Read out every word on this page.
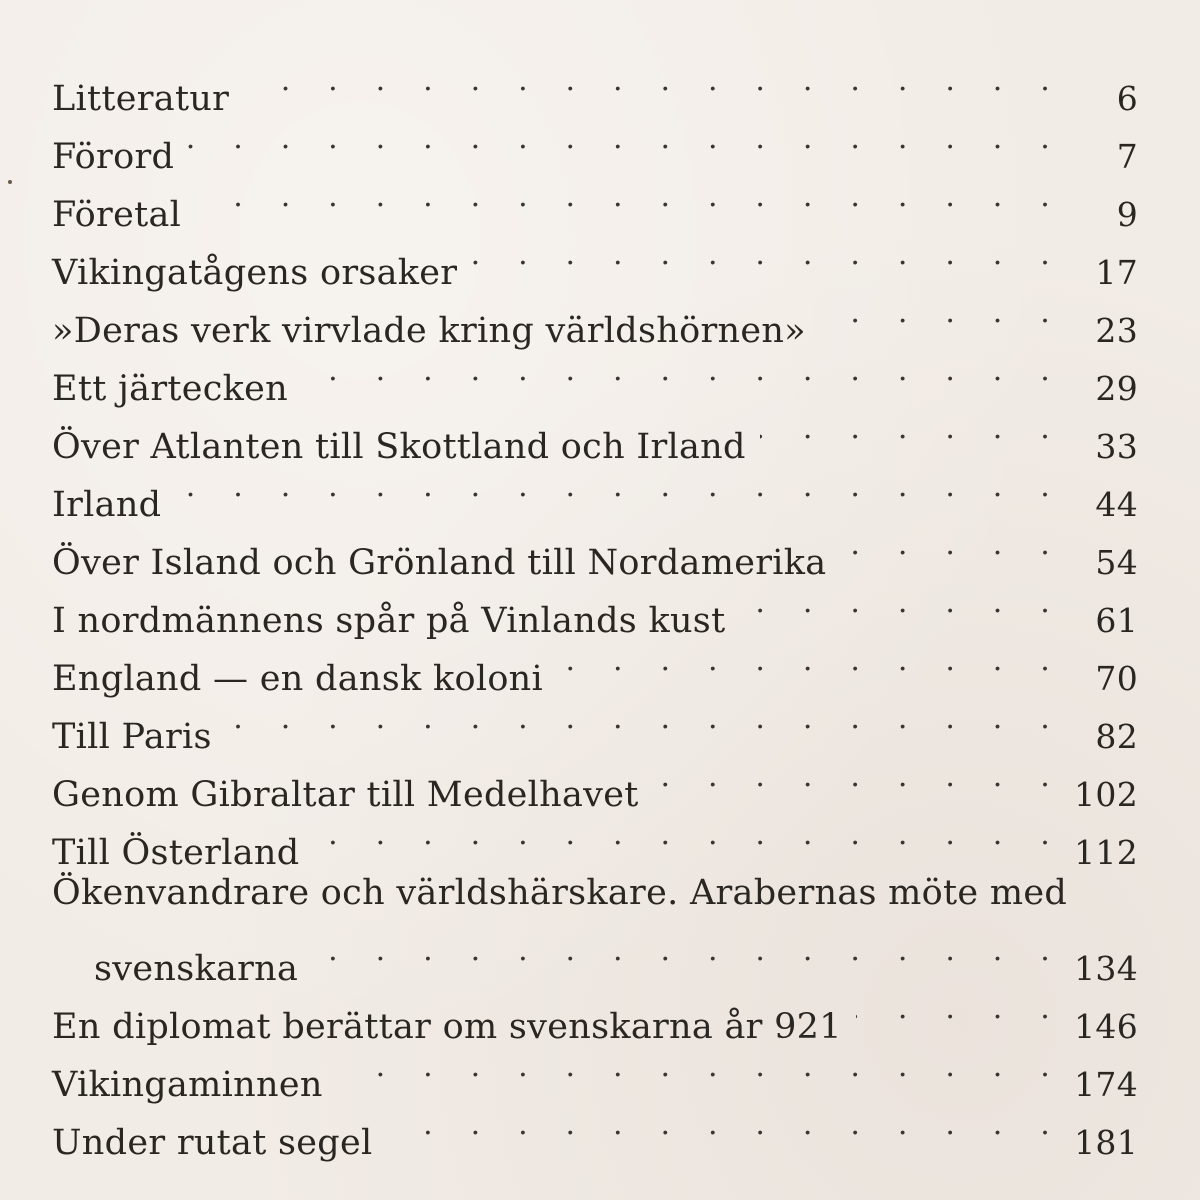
Litteratur . . .	6
Förord . . .	7
Företal . . .	9
Vikingatågens orsaker . . .	17
»Deras verk virvlade kring världshörnen» . . .	23
Ett järtecken . . .	29
Över Atlanten till Skottland och Irland . . .	33
Irland . . .	44
Över Island och Grönland till Nordamerika . . .	54
I nordmännens spår på Vinlands kust . . .	61
England — en dansk koloni . . .	70
Till Paris . . .	82
Genom Gibraltar till Medelhavet . . .	102
Till Österland . . .	112
Ökenvandrare och världshärskare. Arabernas möte med
svenskarna . . .	134
En diplomat berättar om svenskarna år 921 . . .	146
Vikingaminnen . . .	174
Under rutat segel . . .	181
